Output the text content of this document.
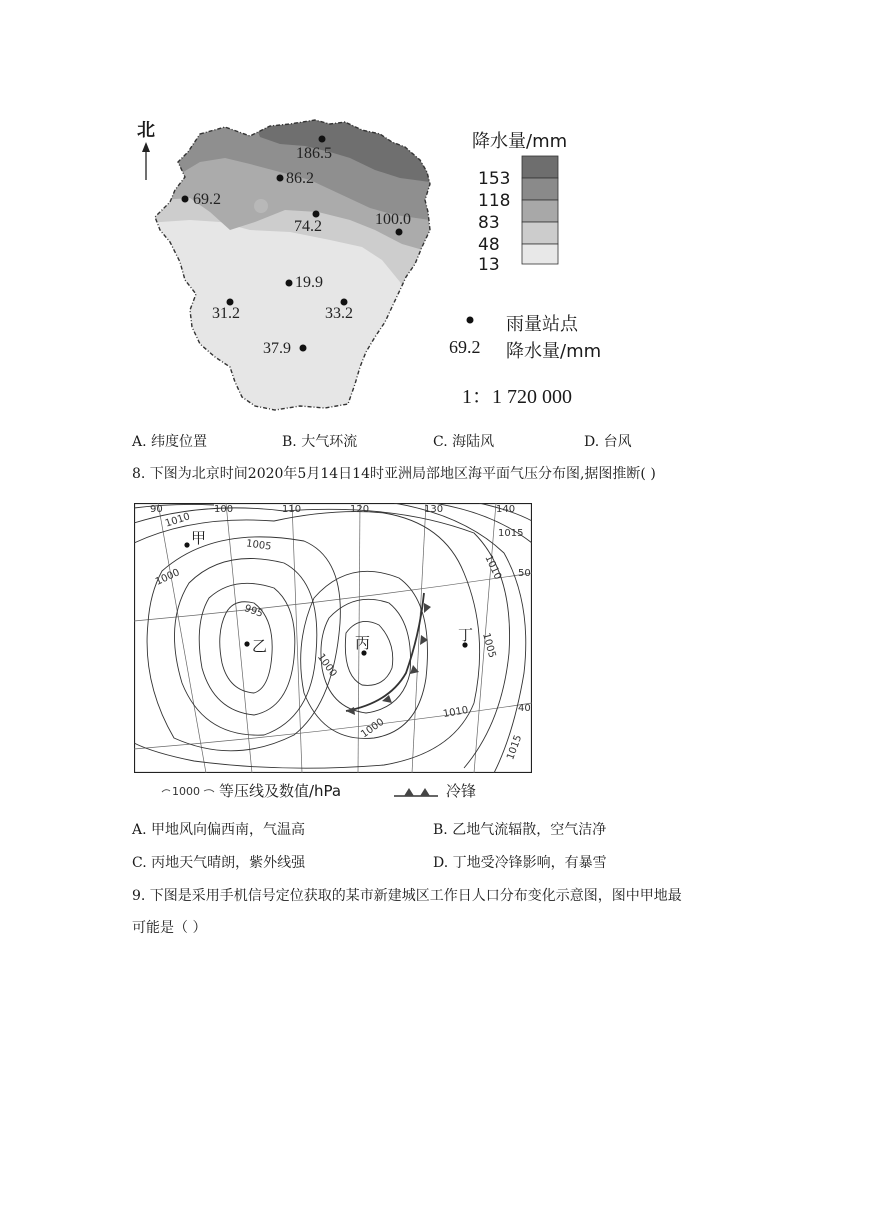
北
186.5
86.2
69.2
74.2	100.0
19.9
31.2	33.2
37.9
降水量/mm
153
118
83
48
13
雨量站点
69.2 降水量/mm
1：1 720 000
A. 纬度位置	B. 大气环流	C. 海陆风	D. 台风
8. 下图为北京时间2020年5月14日14时亚洲局部地区海平面气压分布图,据图推断( )
90	100	110	120	130	140
50
40
1010
1005
1000
995
1000
1000
1010
1015
1010
1005
1015
甲
乙	丙	丁
1000 等压线及数值/hPa	冷锋
A. 甲地风向偏西南，气温高	B. 乙地气流辐散，空气洁净
C. 丙地天气晴朗，紫外线强	D. 丁地受冷锋影响，有暴雪
9. 下图是采用手机信号定位获取的某市新建城区工作日人口分布变化示意图，图中甲地最
可能是（ ）
